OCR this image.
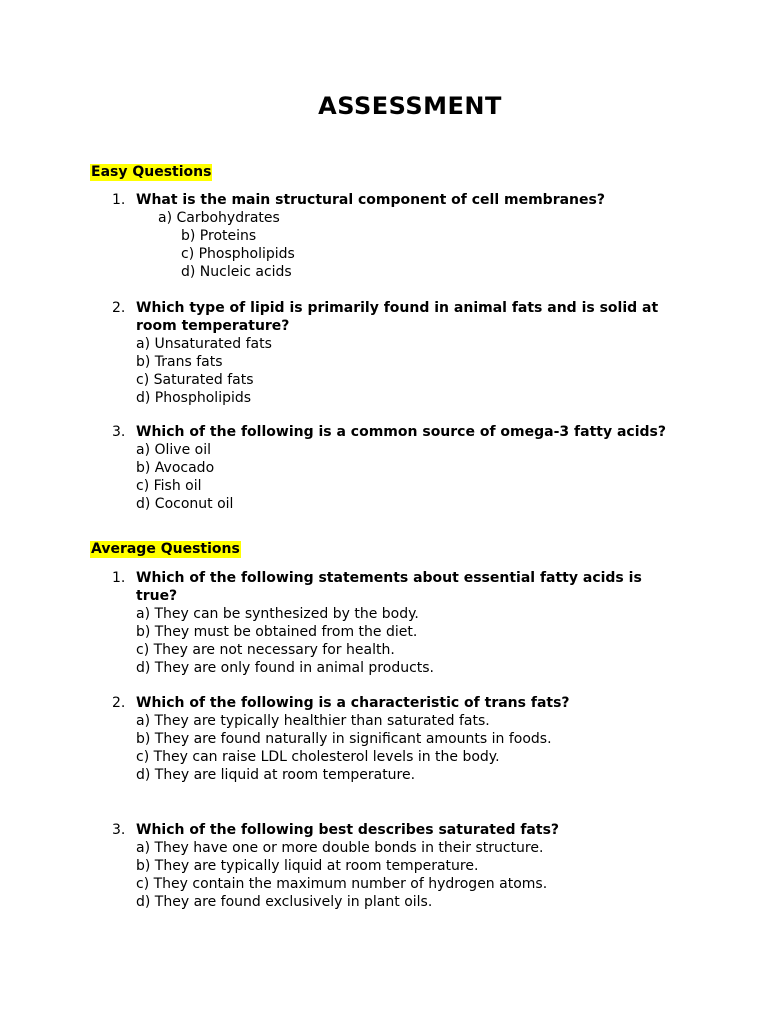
ASSESSMENT
Easy Questions
1. What is the main structural component of cell membranes?
a) Carbohydrates
b) Proteins
c) Phospholipids
d) Nucleic acids
2. Which type of lipid is primarily found in animal fats and is solid at room temperature?
a) Unsaturated fats
b) Trans fats
c) Saturated fats
d) Phospholipids
3. Which of the following is a common source of omega-3 fatty acids?
a) Olive oil
b) Avocado
c) Fish oil
d) Coconut oil
Average Questions
1. Which of the following statements about essential fatty acids is true?
a) They can be synthesized by the body.
b) They must be obtained from the diet.
c) They are not necessary for health.
d) They are only found in animal products.
2. Which of the following is a characteristic of trans fats?
a) They are typically healthier than saturated fats.
b) They are found naturally in significant amounts in foods.
c) They can raise LDL cholesterol levels in the body.
d) They are liquid at room temperature.
3. Which of the following best describes saturated fats?
a) They have one or more double bonds in their structure.
b) They are typically liquid at room temperature.
c) They contain the maximum number of hydrogen atoms.
d) They are found exclusively in plant oils.
